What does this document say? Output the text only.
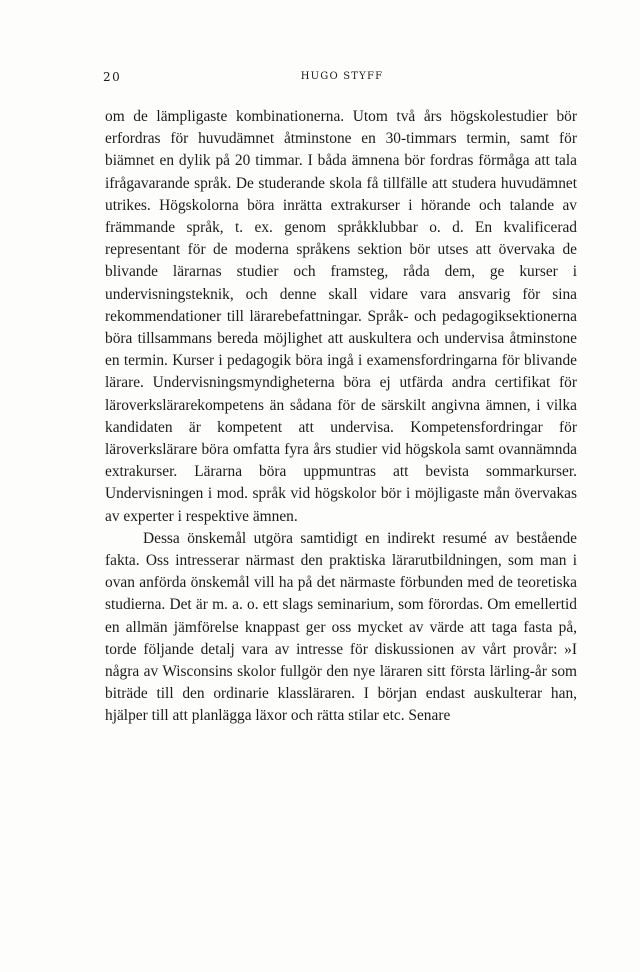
20	HUGO STYFF

om de lämpligaste kombinationerna. Utom två års högskolestudier bör erfordras för huvudämnet åtminstone en 30-timmars termin, samt för biämnet en dylik på 20 timmar. I båda ämnena bör fordras förmåga att tala ifrågavarande språk. De studerande skola få tillfälle att studera huvudämnet utrikes. Högskolorna böra inrätta extrakurser i hörande och talande av främmande språk, t. ex. genom språkklubbar o. d. En kvalificerad representant för de moderna språkens sektion bör utses att övervaka de blivande lärarnas studier och framsteg, råda dem, ge kurser i undervisningsteknik, och denne skall vidare vara ansvarig för sina rekommendationer till lärarebefattningar. Språk- och pedagogiksektionerna böra tillsammans bereda möjlighet att auskultera och undervisa åtminstone en termin. Kurser i pedagogik böra ingå i examensfordringarna för blivande lärare. Undervisningsmyndigheterna böra ej utfärda andra certifikat för läroverkslärarekompetens än sådana för de särskilt angivna ämnen, i vilka kandidaten är kompetent att undervisa. Kompetensfordringar för läroverkslärare böra omfatta fyra års studier vid högskola samt ovannämnda extrakurser. Lärarna böra uppmuntras att bevista sommarkurser. Undervisningen i mod. språk vid högskolor bör i möjligaste mån övervakas av experter i respektive ämnen.

Dessa önskemål utgöra samtidigt en indirekt resumé av bestående fakta. Oss intresserar närmast den praktiska lärarutbildningen, som man i ovan anförda önskemål vill ha på det närmaste förbunden med de teoretiska studierna. Det är m. a. o. ett slags seminarium, som förordas. Om emellertid en allmän jämförelse knappast ger oss mycket av värde att taga fasta på, torde följande detalj vara av intresse för diskussionen av vårt provår: »I några av Wisconsins skolor fullgör den nye läraren sitt första lärling-år som biträde till den ordinarie klassläraren. I början endast auskulterar han, hjälper till att planlägga läxor och rätta stilar etc. Senare
